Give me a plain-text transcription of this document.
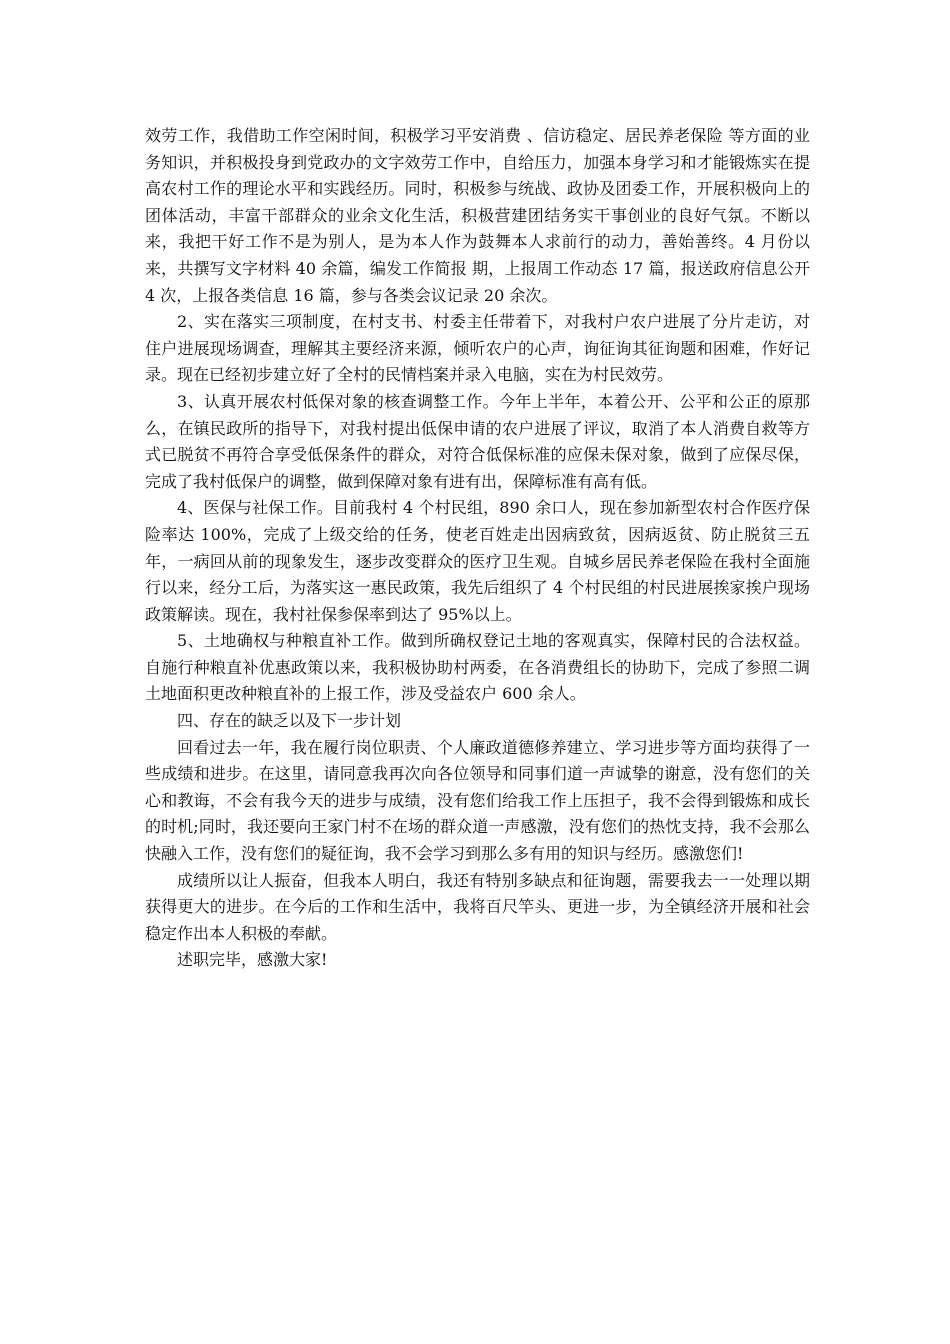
效劳工作，我借助工作空闲时间，积极学习平安消费 、信访稳定、居民养老保险 等方面的业务知识，并积极投身到党政办的文字效劳工作中，自给压力，加强本身学习和才能锻炼实在提高农村工作的理论水平和实践经历。同时，积极参与统战、政协及团委工作，开展积极向上的团体活动，丰富干部群众的业余文化生活，积极营建团结务实干事创业的良好气氛。不断以来，我把干好工作不是为别人，是为本人作为鼓舞本人求前行的动力，善始善终。4 月份以来，共撰写文字材料 40 余篇，编发工作简报 期，上报周工作动态 17 篇，报送政府信息公开 4 次，上报各类信息 16 篇，参与各类会议记录 20 余次。

2、实在落实三项制度，在村支书、村委主任带着下，对我村户农户进展了分片走访，对住户进展现场调查，理解其主要经济来源，倾听农户的心声，询征询其征询题和困难，作好记录。现在已经初步建立好了全村的民情档案并录入电脑，实在为村民效劳。

3、认真开展农村低保对象的核查调整工作。今年上半年，本着公开、公平和公正的原那么，在镇民政所的指导下，对我村提出低保申请的农户进展了评议，取消了本人消费自救等方式已脱贫不再符合享受低保条件的群众，对符合低保标准的应保未保对象，做到了应保尽保，完成了我村低保户的调整，做到保障对象有进有出，保障标准有高有低。

4、医保与社保工作。目前我村 4 个村民组，890 余口人，现在参加新型农村合作医疗保险率达 100%，完成了上级交给的任务，使老百姓走出因病致贫，因病返贫、防止脱贫三五年，一病回从前的现象发生，逐步改变群众的医疗卫生观。自城乡居民养老保险在我村全面施行以来，经分工后，为落实这一惠民政策，我先后组织了 4 个村民组的村民进展挨家挨户现场政策解读。现在，我村社保参保率到达了 95%以上。

5、土地确权与种粮直补工作。做到所确权登记土地的客观真实，保障村民的合法权益。自施行种粮直补优惠政策以来，我积极协助村两委，在各消费组长的协助下，完成了参照二调土地面积更改种粮直补的上报工作，涉及受益农户 600 余人。

四、存在的缺乏以及下一步计划

回看过去一年，我在履行岗位职责、个人廉政道德修养建立、学习进步等方面均获得了一些成绩和进步。在这里，请同意我再次向各位领导和同事们道一声诚挚的谢意，没有您们的关心和教诲，不会有我今天的进步与成绩，没有您们给我工作上压担子，我不会得到锻炼和成长的时机;同时，我还要向王家门村不在场的群众道一声感激，没有您们的热忱支持，我不会那么快融入工作，没有您们的疑征询，我不会学习到那么多有用的知识与经历。感激您们!

成绩所以让人振奋，但我本人明白，我还有特别多缺点和征询题，需要我去一一处理以期获得更大的进步。在今后的工作和生活中，我将百尺竿头、更进一步，为全镇经济开展和社会稳定作出本人积极的奉献。

述职完毕，感激大家!
